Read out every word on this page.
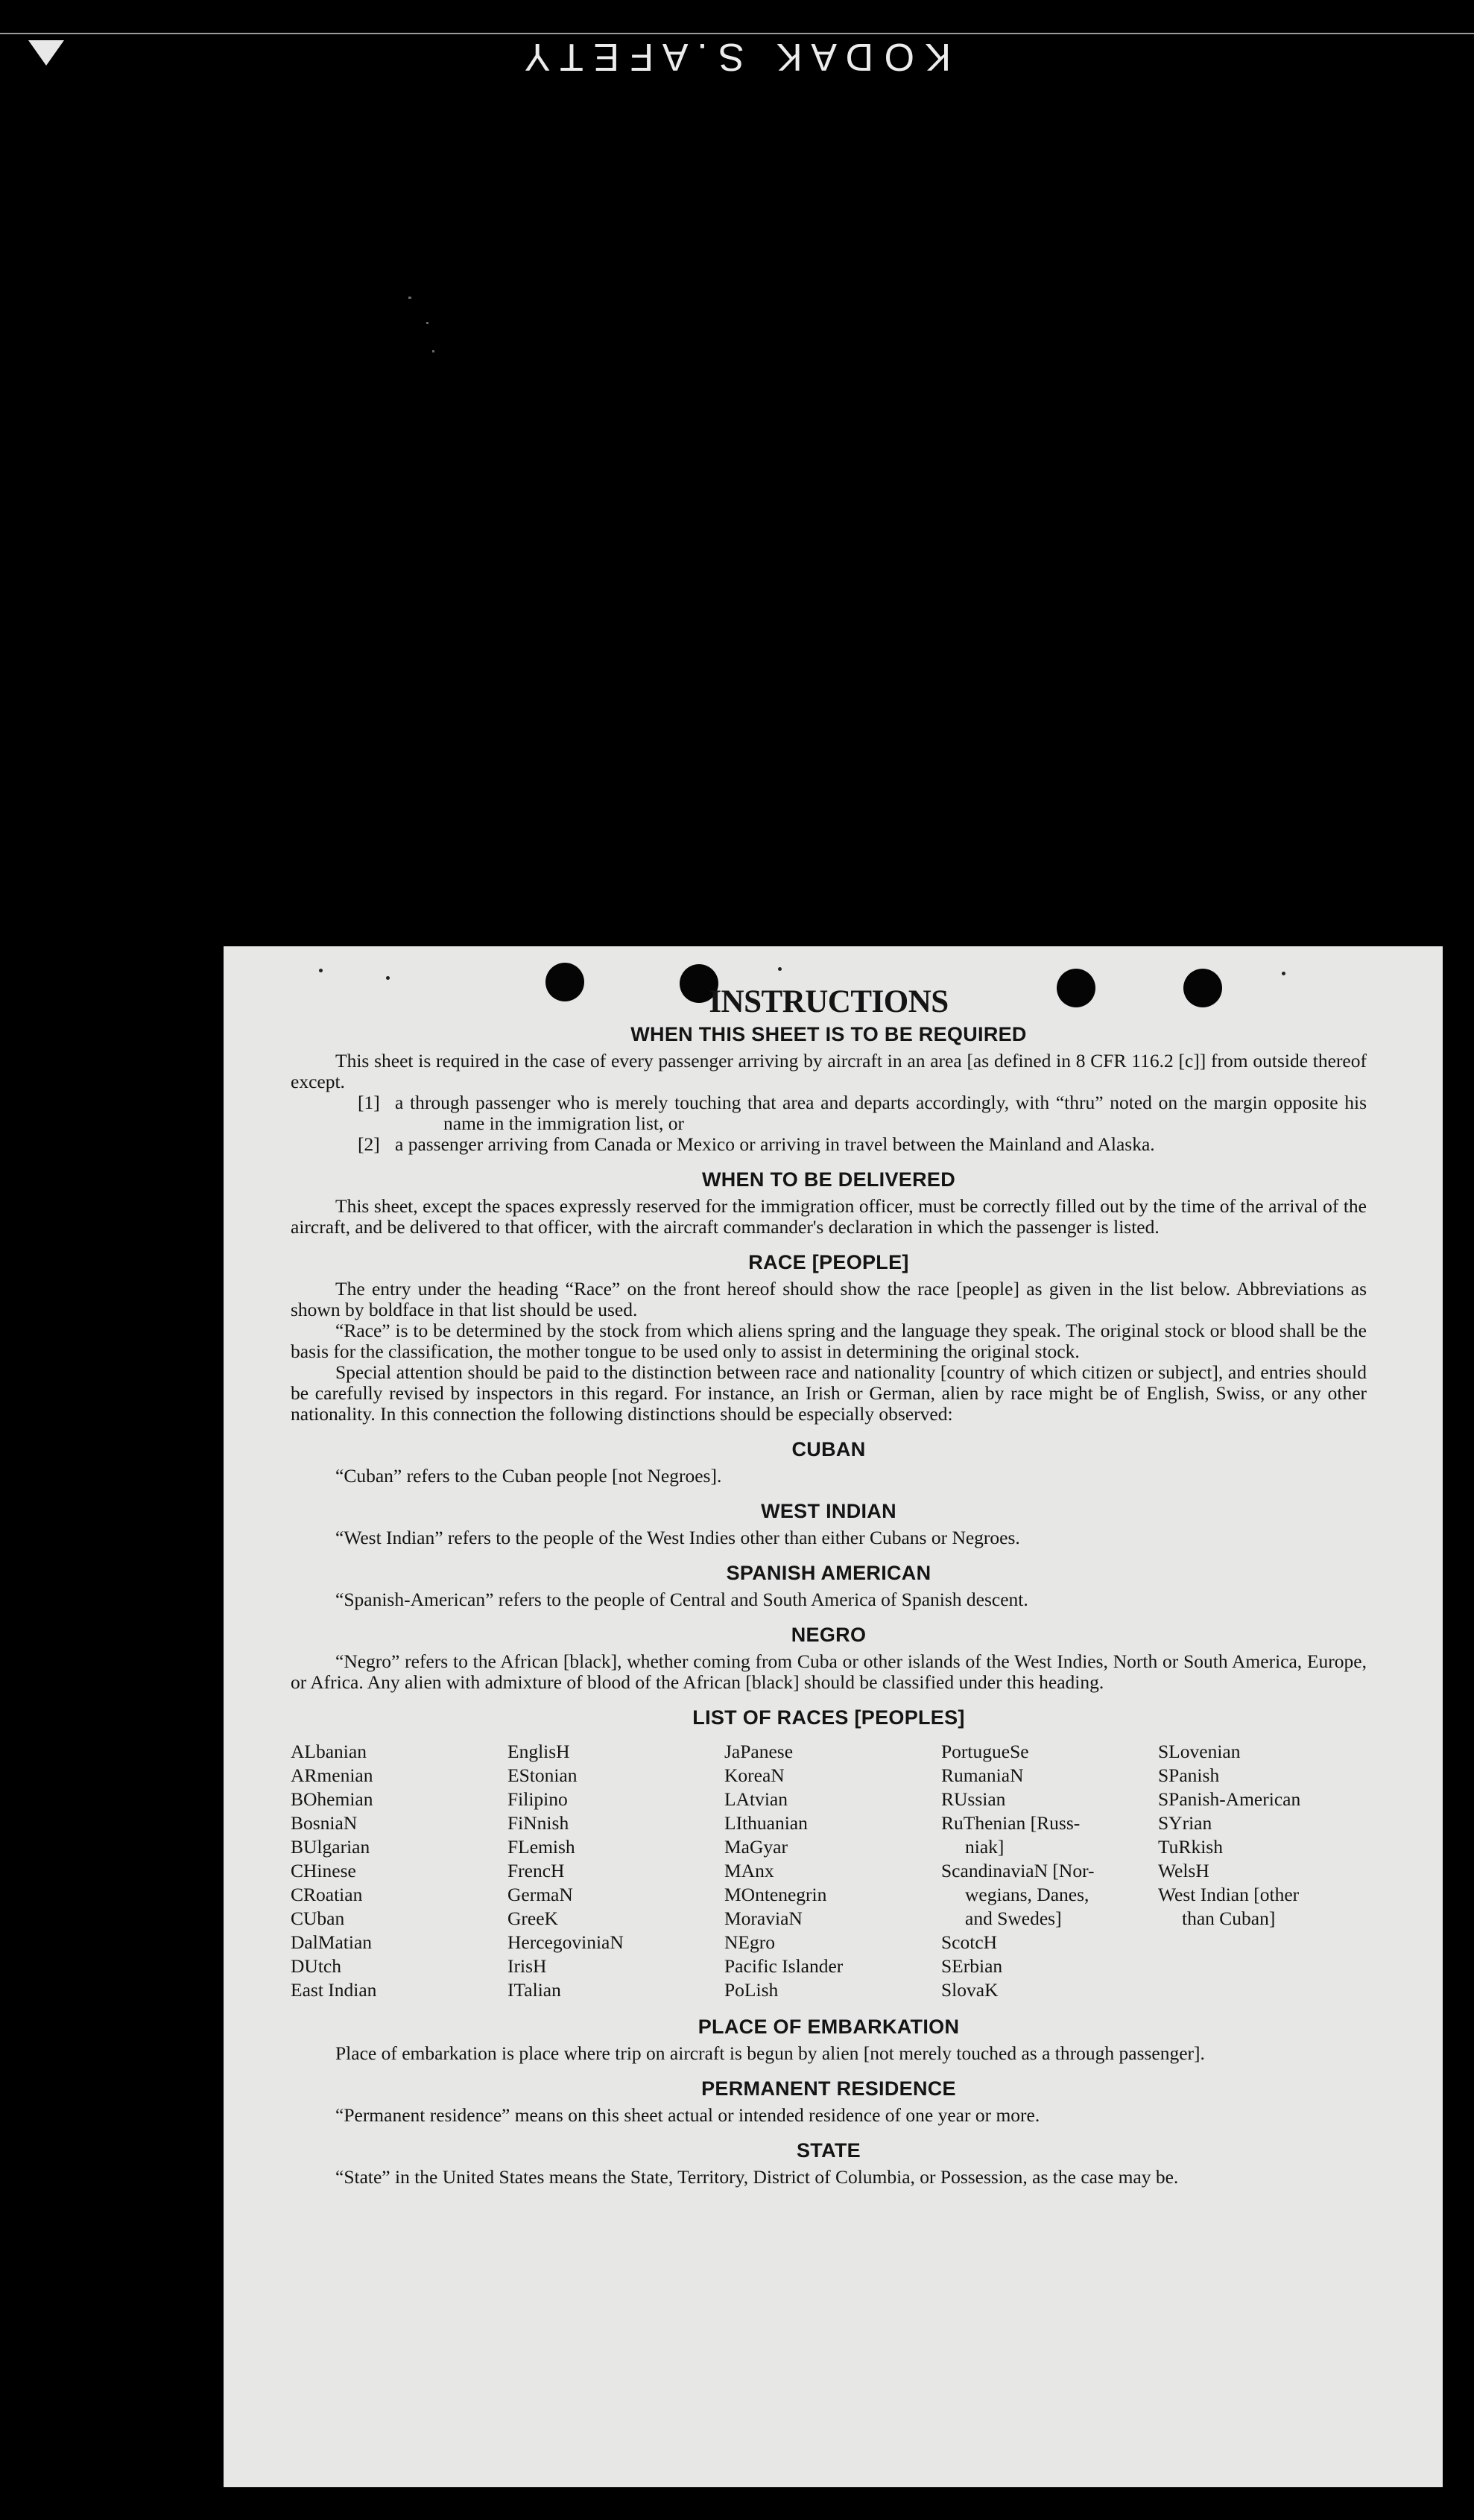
K O D A K   S . A F E T Y
INSTRUCTIONS
WHEN THIS SHEET IS TO BE REQUIRED

This sheet is required in the case of every passenger arriving by aircraft in an area [as defined in 8 CFR 116.2 [c]] from outside thereof except.

[1] a through passenger who is merely touching that area and departs accordingly, with “thru” noted on the margin opposite his name in the immigration list, or

[2] a passenger arriving from Canada or Mexico or arriving in travel between the Mainland and Alaska.

WHEN TO BE DELIVERED

This sheet, except the spaces expressly reserved for the immigration officer, must be correctly filled out by the time of the arrival of the aircraft, and be delivered to that officer, with the aircraft commander's declaration in which the passenger is listed.

RACE [PEOPLE]

The entry under the heading “Race” on the front hereof should show the race [people] as given in the list below. Abbreviations as shown by boldface in that list should be used.

“Race” is to be determined by the stock from which aliens spring and the language they speak. The original stock or blood shall be the basis for the classification, the mother tongue to be used only to assist in determining the original stock.

Special attention should be paid to the distinction between race and nationality [country of which citizen or subject], and entries should be carefully revised by inspectors in this regard. For instance, an Irish or German, alien by race might be of English, Swiss, or any other nationality. In this connection the following distinctions should be especially observed:

CUBAN

“Cuban” refers to the Cuban people [not Negroes].

WEST INDIAN

“West Indian” refers to the people of the West Indies other than either Cubans or Negroes.

SPANISH AMERICAN

“Spanish-American” refers to the people of Central and South America of Spanish descent.

NEGRO

“Negro” refers to the African [black], whether coming from Cuba or other islands of the West Indies, North or South America, Europe, or Africa. Any alien with admixture of blood of the African [black] should be classified under this heading.

LIST OF RACES [PEOPLES]
ALbanian
ARmenian
BOhemian
BosniaN
BUlgarian
CHinese
CRoatian
CUban
DalMatian
DUtch
East Indian
EnglisH
EStonian
Filipino
FiNnish
FLemish
FrencH
GermaN
GreeK
HercegoviniaN
IrisH
ITalian
JaPanese
KoreaN
LAtvian
LIthuanian
MaGyar
MAnx
MOntenegrin
MoraviaN
NEgro
Pacific Islander
PoLish
PortugueSe
RumaniaN
RUssian
RuThenian [Russ-
niak]
ScandinaviaN [Nor-
wegians, Danes,
and Swedes]
ScotcH
SErbian
SlovaK
SLovenian
SPanish
SPanish-American
SYrian
TuRkish
WelsH
West Indian [other
than Cuban]
PLACE OF EMBARKATION

Place of embarkation is place where trip on aircraft is begun by alien [not merely touched as a through passenger].

PERMANENT RESIDENCE

“Permanent residence” means on this sheet actual or intended residence of one year or more.

STATE

“State” in the United States means the State, Territory, District of Columbia, or Possession, as the case may be.
